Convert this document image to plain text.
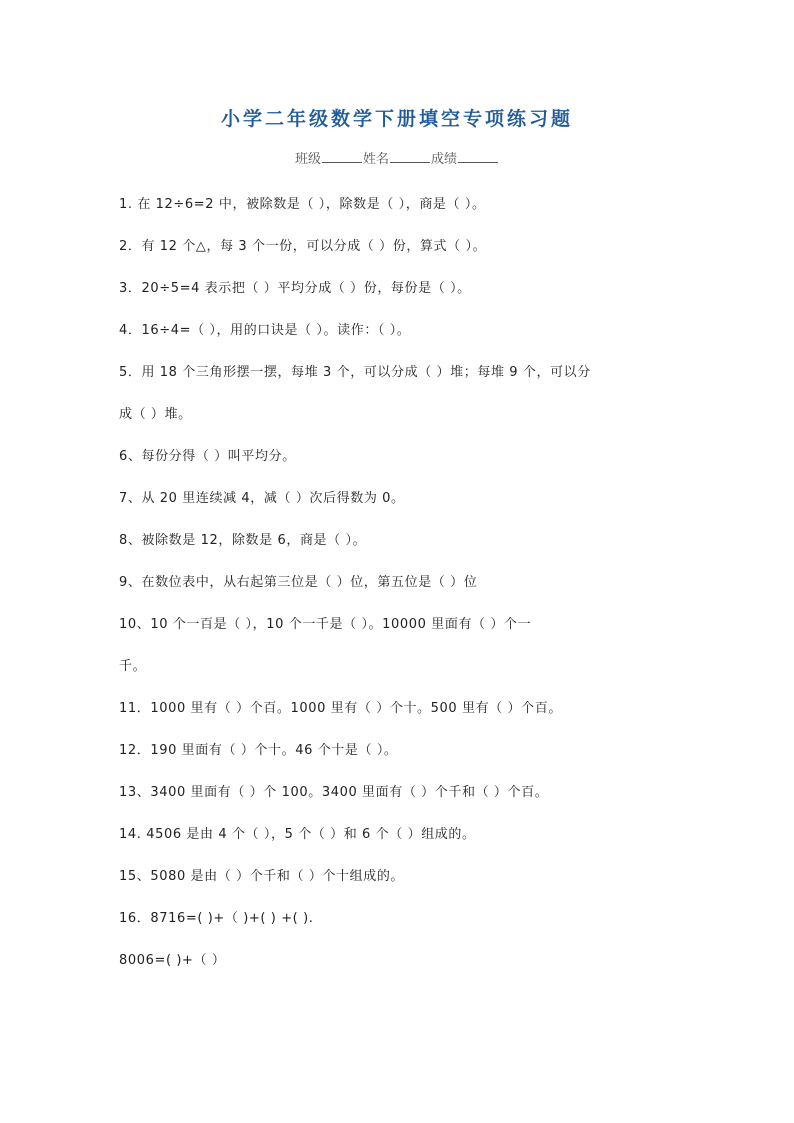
小学二年级数学下册填空专项练习题
班级	姓名	成绩
1. 在 12÷6=2 中，被除数是（ ），除数是（ ），商是（ ）。
2．有 12 个△，每 3 个一份，可以分成（ ）份，算式（ ）。
3．20÷5=4 表示把（ ）平均分成（ ）份，每份是（ ）。
4．16÷4=（ ），用的口诀是（ ）。读作：（ ）。
5．用 18 个三角形摆一摆，每堆 3 个，可以分成（ ）堆；每堆 9 个，可以分
成（ ）堆。
6、每份分得（ ）叫平均分。
7、从 20 里连续减 4，减（ ）次后得数为 0。
8、被除数是 12，除数是 6，商是（ ）。
9、在数位表中，从右起第三位是（ ）位，第五位是（ ）位
10、10 个一百是（ ），10 个一千是（ ）。10000 里面有（ ）个一
千。
11．1000 里有（ ）个百。1000 里有（ ）个十。500 里有（ ）个百。
12．190 里面有（ ）个十。46 个十是（ ）。
13、3400 里面有（ ）个 100。3400 里面有（ ）个千和（ ）个百。
14. 4506 是由 4 个（ ），5 个（ ）和 6 个（ ）组成的。
15、5080 是由（ ）个千和（ ）个十组成的。
16．8716=( )+（ )+( ) +( ).
8006=( )+（ ）
